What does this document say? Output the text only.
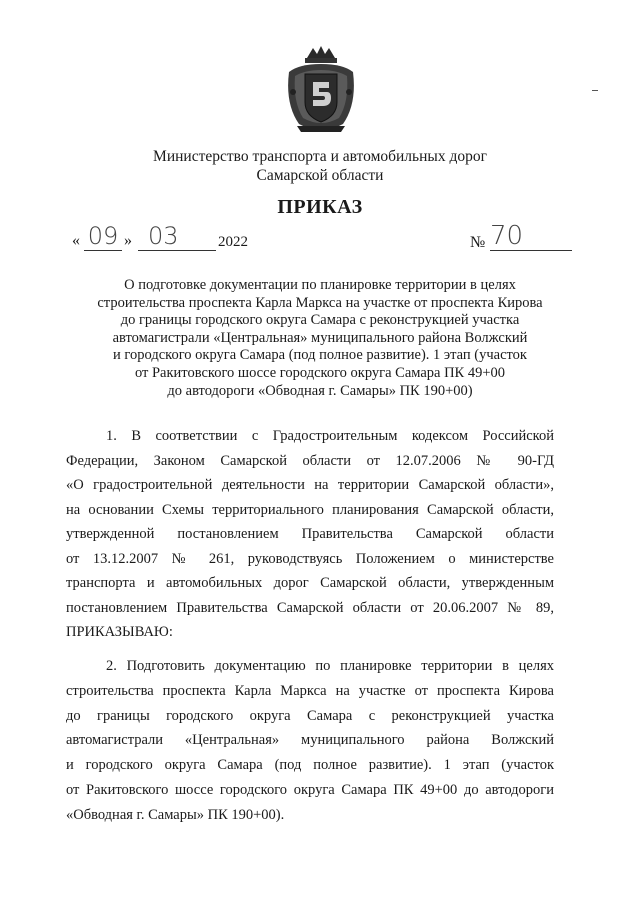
Министерство транспорта и автомобильных дорог
Самарской области
ПРИКАЗ
« 09 » 03	2022	№ 70
О подготовке документации по планировке территории в целях
строительства проспекта Карла Маркса на участке от проспекта Кирова
до границы городского округа Самара с реконструкцией участка
автомагистрали «Центральная» муниципального района Волжский
и городского округа Самара (под полное развитие). 1 этап (участок
от Ракитовского шоссе городского округа Самара ПК 49+00
до автодороги «Обводная г. Самары» ПК 190+00)
1. В соответствии с Градостроительным кодексом Российской
Федерации, Законом Самарской области от 12.07.2006 № 90-ГД
«О градостроительной деятельности на территории Самарской области»,
на основании Схемы территориального планирования Самарской области,
утвержденной постановлением Правительства Самарской области
от 13.12.2007 № 261, руководствуясь Положением о министерстве
транспорта и автомобильных дорог Самарской области, утвержденным
постановлением Правительства Самарской области от 20.06.2007 № 89,
ПРИКАЗЫВАЮ:
2. Подготовить документацию по планировке территории в целях
строительства проспекта Карла Маркса на участке от проспекта Кирова
до границы городского округа Самара с реконструкцией участка
автомагистрали «Центральная» муниципального района Волжский
и городского округа Самара (под полное развитие). 1 этап (участок
от Ракитовского шоссе городского округа Самара ПК 49+00 до автодороги
«Обводная г. Самары» ПК 190+00).
